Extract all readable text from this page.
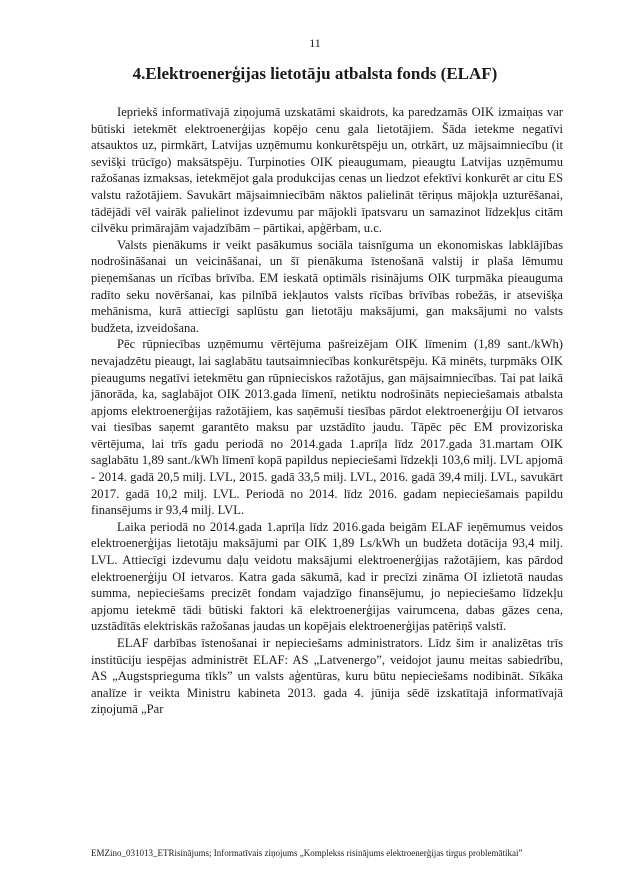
11
4.Elektroenerģijas lietotāju atbalsta fonds (ELAF)

Iepriekš informatīvajā ziņojumā uzskatāmi skaidrots, ka paredzamās OIK izmaiņas var būtiski ietekmēt elektroenerģijas kopējo cenu gala lietotājiem. Šāda ietekme negatīvi atsauktos uz, pirmkārt, Latvijas uzņēmumu konkurētspēju un, otrkārt, uz mājsaimniecību (it sevišķi trūcīgo) maksātspēju. Turpinoties OIK pieaugumam, pieaugtu Latvijas uzņēmumu ražošanas izmaksas, ietekmējot gala produkcijas cenas un liedzot efektīvi konkurēt ar citu ES valstu ražotājiem. Savukārt mājsaimniecībām nāktos palielināt tēriņus mājokļa uzturēšanai, tādējādi vēl vairāk palielinot izdevumu par mājokli īpatsvaru un samazinot līdzekļus citām cilvēku primārajām vajadzībām – pārtikai, apģērbam, u.c.

Valsts pienākums ir veikt pasākumus sociāla taisnīguma un ekonomiskas labklājības nodrošināšanai un veicināšanai, un šī pienākuma īstenošanā valstij ir plaša lēmumu pieņemšanas un rīcības brīvība. EM ieskatā optimāls risinājums OIK turpmāka pieauguma radīto seku novēršanai, kas pilnībā iekļautos valsts rīcības brīvības robežās, ir atsevišķa mehānisma, kurā attiecīgi saplūstu gan lietotāju maksājumi, gan maksājumi no valsts budžeta, izveidošana.

Pēc rūpniecības uzņēmumu vērtējuma pašreizējam OIK līmenim (1,89 sant./kWh) nevajadzētu pieaugt, lai saglabātu tautsaimniecības konkurētspēju. Kā minēts, turpmāks OIK pieaugums negatīvi ietekmētu gan rūpnieciskos ražotājus, gan mājsaimniecības. Tai pat laikā jānorāda, ka, saglabājot OIK 2013.gada līmenī, netiktu nodrošināts nepieciešamais atbalsta apjoms elektroenerģijas ražotājiem, kas saņēmuši tiesības pārdot elektroenerģiju OI ietvaros vai tiesības saņemt garantēto maksu par uzstādīto jaudu. Tāpēc pēc EM provizoriska vērtējuma, lai trīs gadu periodā no 2014.gada 1.aprīļa līdz 2017.gada 31.martam OIK saglabātu 1,89 sant./kWh līmenī kopā papildus nepieciešami līdzekļi 103,6 milj. LVL apjomā - 2014. gadā 20,5 milj. LVL, 2015. gadā 33,5 milj. LVL, 2016. gadā 39,4 milj. LVL, savukārt 2017. gadā 10,2 milj. LVL. Periodā no 2014. līdz 2016. gadam nepieciešamais papildu finansējums ir 93,4 milj. LVL.

Laika periodā no 2014.gada 1.aprīļa līdz 2016.gada beigām ELAF ieņēmumus veidos elektroenerģijas lietotāju maksājumi par OIK 1,89 Ls/kWh un budžeta dotācija 93,4 milj. LVL. Attiecīgi izdevumu daļu veidotu maksājumi elektroenerģijas ražotājiem, kas pārdod elektroenerģiju OI ietvaros. Katra gada sākumā, kad ir precīzi zināma OI izlietotā naudas summa, nepieciešams precizēt fondam vajadzīgo finansējumu, jo nepieciešamo līdzekļu apjomu ietekmē tādi būtiski faktori kā elektroenerģijas vairumcena, dabas gāzes cena, uzstādītās elektriskās ražošanas jaudas un kopējais elektroenerģijas patēriņš valstī.

ELAF darbības īstenošanai ir nepieciešams administrators. Līdz šim ir analizētas trīs institūciju iespējas administrēt ELAF: AS „Latvenergo”, veidojot jaunu meitas sabiedrību, AS „Augstsprieguma tīkls” un valsts aģentūras, kuru būtu nepieciešams nodibināt. Sīkāka analīze ir veikta Ministru kabineta 2013. gada 4. jūnija sēdē izskatītajā informatīvajā ziņojumā „Par

EMZino_031013_ETRisinājums; Informatīvais ziņojums „Komplekss risinājums elektroenerģijas tirgus problemātikai”
